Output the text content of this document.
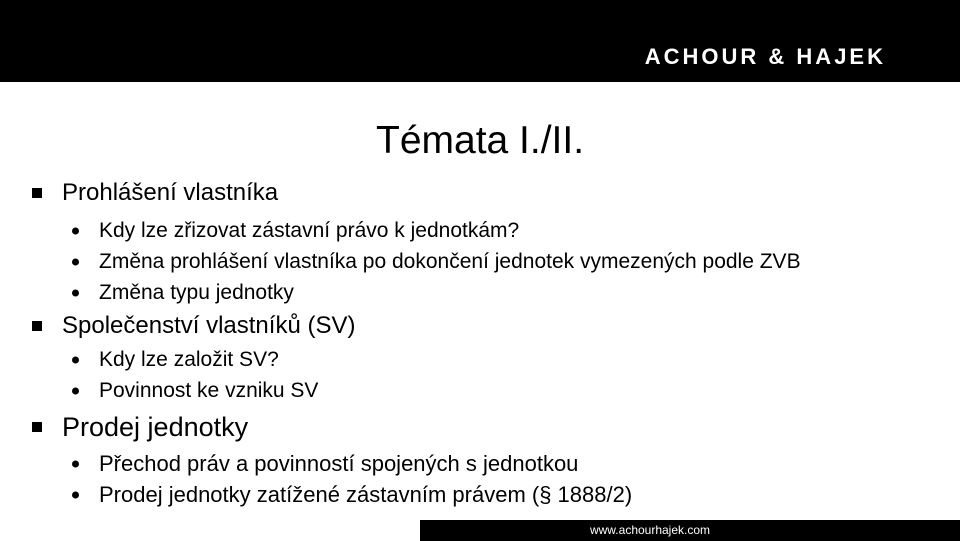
ACHOUR & HAJEK
Témata I./II.
Prohlášení vlastníka
Kdy lze zřizovat zástavní právo k jednotkám?
Změna prohlášení vlastníka po dokončení jednotek vymezených podle ZVB
Změna typu jednotky
Společenství vlastníků (SV)
Kdy lze založit SV?
Povinnost ke vzniku SV
Prodej jednotky
Přechod práv a povinností spojených s jednotkou
Prodej jednotky zatížené zástavním právem (§ 1888/2)
www.achourhajek.com
